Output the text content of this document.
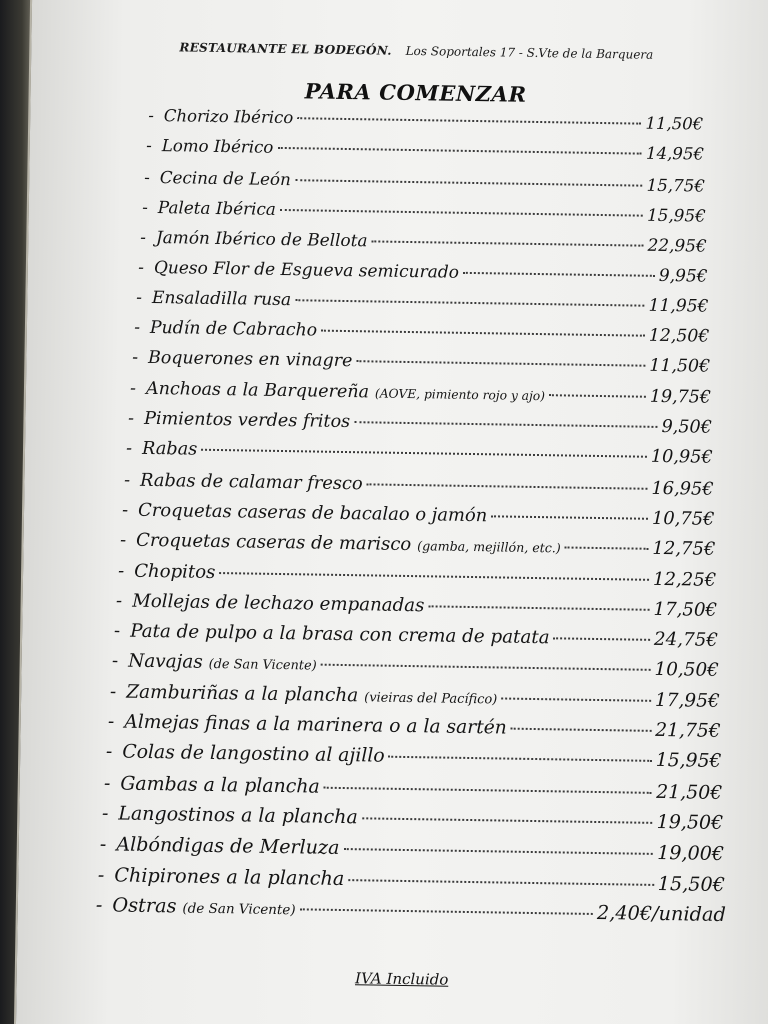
RESTAURANTE EL BODEGÓN. Los Soportales 17 - S.Vte de la Barquera
PARA COMENZAR
- Chorizo Ibérico	11,50€
- Lomo Ibérico	14,95€
- Cecina de León	15,75€
- Paleta Ibérica	15,95€
- Jamón Ibérico de Bellota	22,95€
- Queso Flor de Esgueva semicurado	9,95€
- Ensaladilla rusa	11,95€
- Pudín de Cabracho	12,50€
- Boquerones en vinagre	11,50€
- Anchoas a la Barquereña (AOVE, pimiento rojo y ajo)	19,75€
- Pimientos verdes fritos	9,50€
- Rabas	10,95€
- Rabas de calamar fresco	16,95€
- Croquetas caseras de bacalao o jamón	10,75€
- Croquetas caseras de marisco (gamba, mejillón, etc.)	12,75€
- Chopitos	12,25€
- Mollejas de lechazo empanadas	17,50€
- Pata de pulpo a la brasa con crema de patata	24,75€
- Navajas (de San Vicente)	10,50€
- Zamburiñas a la plancha (vieiras del Pacífico)	17,95€
- Almejas finas a la marinera o a la sartén	21,75€
- Colas de langostino al ajillo	15,95€
- Gambas a la plancha	21,50€
- Langostinos a la plancha	19,50€
- Albóndigas de Merluza	19,00€
- Chipirones a la plancha	15,50€
- Ostras (de San Vicente)	2,40€/unidad
IVA Incluido
